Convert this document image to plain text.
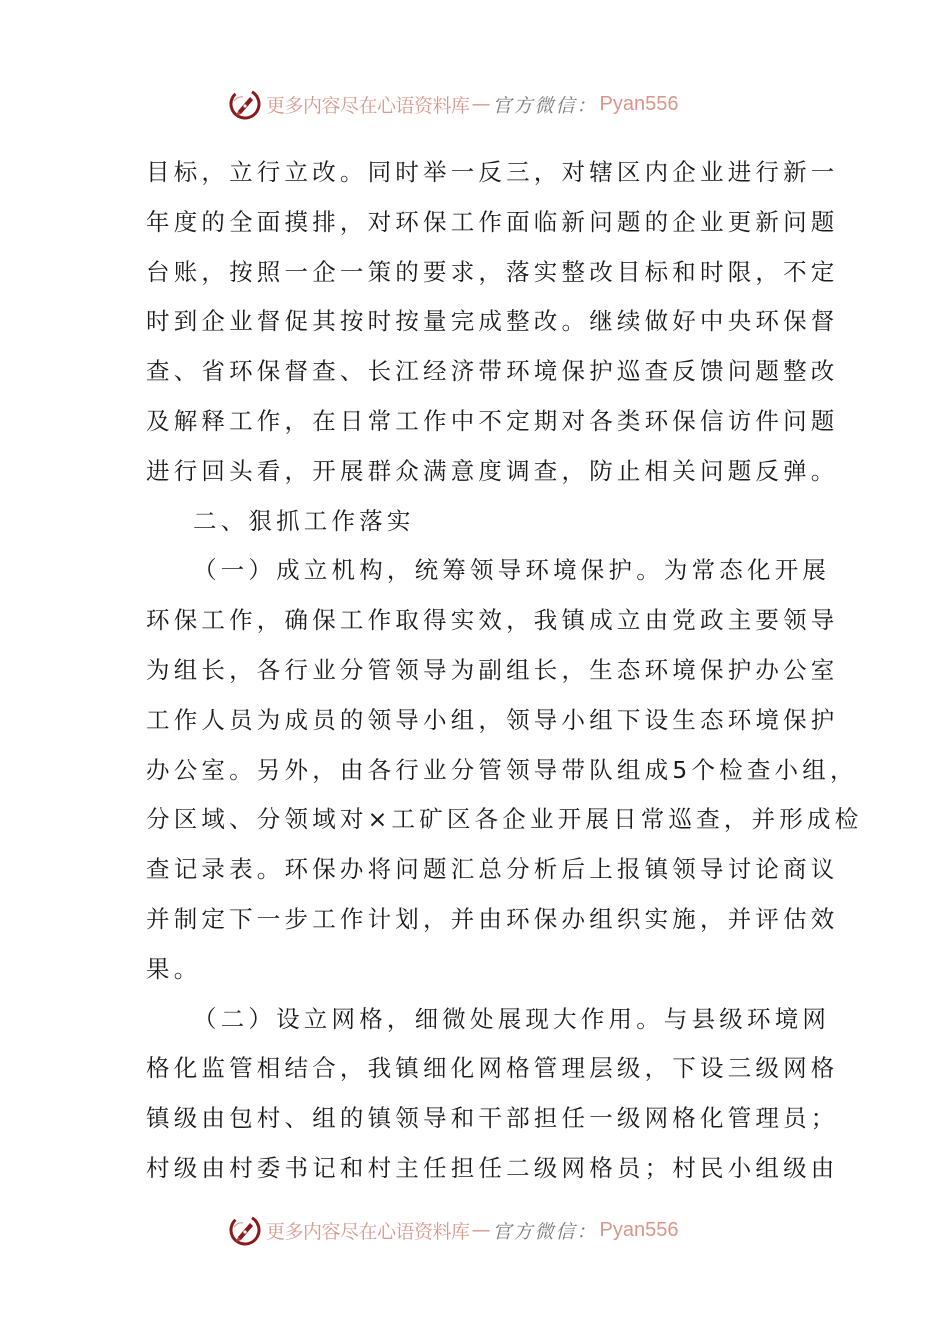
更多内容尽在心语资料库 — 官方微信： Pyan556
目标，立行立改。同时举一反三，对辖区内企业进行新一
年度的全面摸排，对环保工作面临新问题的企业更新问题
台账，按照一企一策的要求，落实整改目标和时限，不定
时到企业督促其按时按量完成整改。继续做好中央环保督
查、省环保督查、长江经济带环境保护巡查反馈问题整改
及解释工作，在日常工作中不定期对各类环保信访件问题
进行回头看，开展群众满意度调查，防止相关问题反弹。
二、狠抓工作落实
（一）成立机构，统筹领导环境保护。为常态化开展
环保工作，确保工作取得实效，我镇成立由党政主要领导
为组长，各行业分管领导为副组长，生态环境保护办公室
工作人员为成员的领导小组，领导小组下设生态环境保护
办公室。另外，由各行业分管领导带队组成5个检查小组，
分区域、分领域对×工矿区各企业开展日常巡查，并形成检
查记录表。环保办将问题汇总分析后上报镇领导讨论商议
并制定下一步工作计划，并由环保办组织实施，并评估效
果。
（二）设立网格，细微处展现大作用。与县级环境网
格化监管相结合，我镇细化网格管理层级，下设三级网格
镇级由包村、组的镇领导和干部担任一级网格化管理员；
村级由村委书记和村主任担任二级网格员；村民小组级由
更多内容尽在心语资料库 — 官方微信： Pyan556
